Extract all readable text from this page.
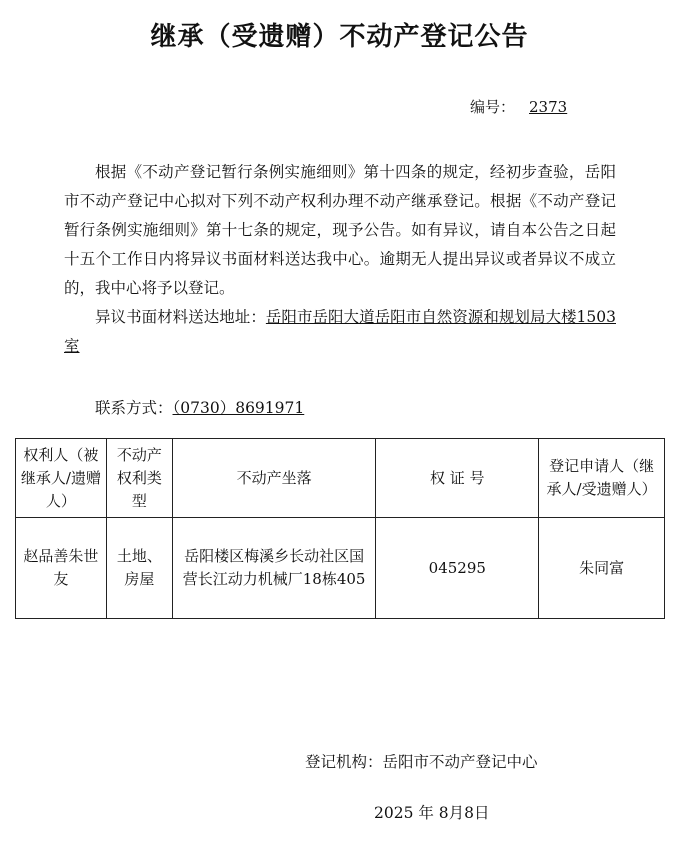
继承（受遗赠）不动产登记公告
编号： 2373

根据《不动产登记暂行条例实施细则》第十四条的规定，经初步查验，岳阳市不动产登记中心拟对下列不动产权利办理不动产继承登记。根据《不动产登记暂行条例实施细则》第十七条的规定，现予公告。如有异议，请自本公告之日起十五个工作日内将异议书面材料送达我中心。逾期无人提出异议或者异议不成立的，我中心将予以登记。

异议书面材料送达地址：岳阳市岳阳大道岳阳市自然资源和规划局大楼1503室

联系方式：（0730）8691971
权利人（被继承人/遗赠人）	不动产权利类型	不动产坐落	权 证 号	登记申请人（继承人/受遗赠人）
赵品善朱世友	土地、房屋	岳阳楼区梅溪乡长动社区国营长江动力机械厂18栋405	045295	朱同富
登记机构：岳阳市不动产登记中心
2025 年 8月8日
